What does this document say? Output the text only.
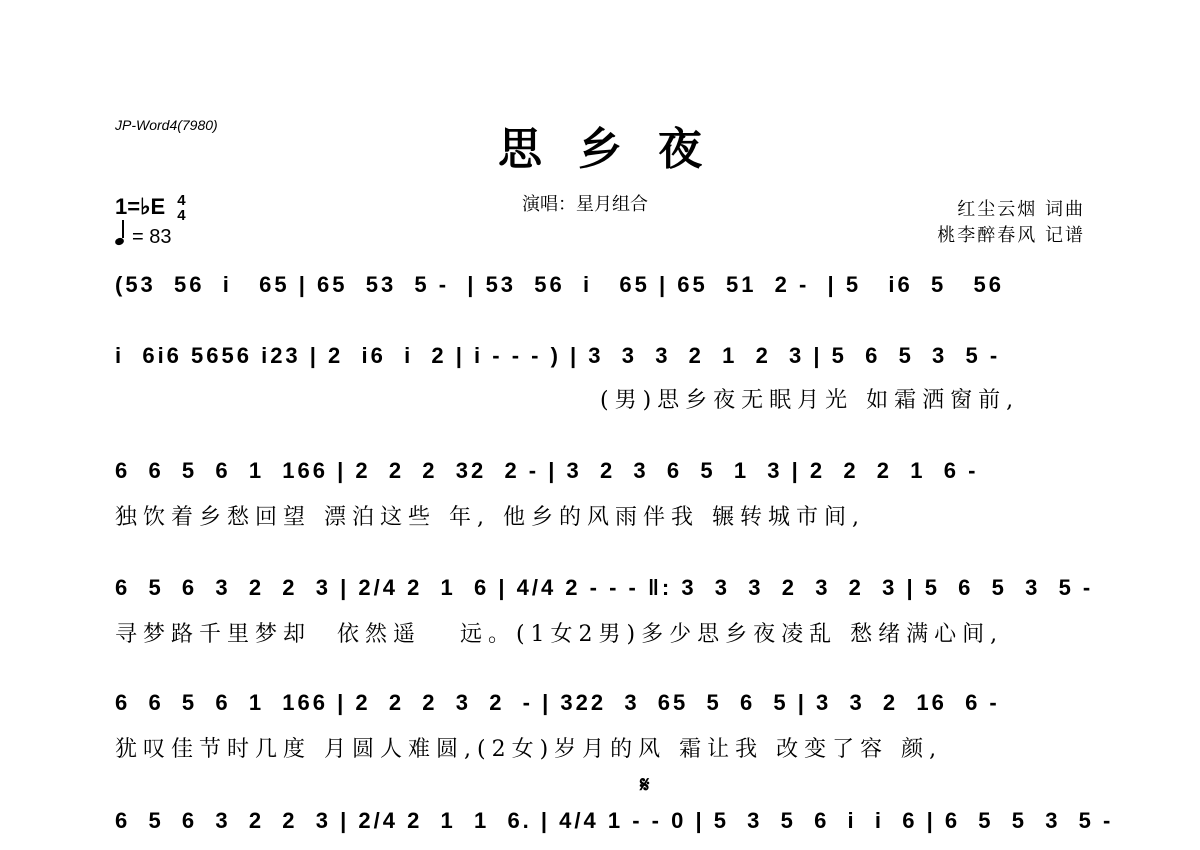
JP-Word4(7980)	思乡夜
演唱：星月组合	红尘云烟 词曲
桃李醉春风 记谱
1=♭E 4
4
= 83
(53  56  i   65 | 65  53  5 -  | 53  56  i   65 | 65  51  2 -  | 5   i6  5   56
i  6i6 5656 i23 | 2  i6  i  2 | i - - - ) | 3  3  3  2  1  2  3 | 5  6  5  3  5 -
(男)思乡夜无眠月光 如霜洒窗前,
6  6  5  6  1  166 | 2  2  2  32  2 - | 3  2  3  6  5  1  3 | 2  2  2  1  6 -
独饮着乡愁回望 漂泊这些 年, 他乡的风雨伴我 辗转城市间,
6  5  6  3  2  2  3 | 2/4 2  1  6 | 4/4 2 - - - ‖: 3  3  3  2  3  2  3 | 5  6  5  3  5 -
寻梦路千里梦却  依然遥   远。(1女2男)多少思乡夜凌乱 愁绪满心间,
6  6  5  6  1  166 | 2  2  2  3  2  - | 322  3  65  5  6  5 | 3  3  2  16  6 -
犹叹佳节时几度 月圆人难圆,(2女)岁月的风 霜让我 改变了容 颜,
𝄋
6  5  6  3  2  2  3 | 2/4 2  1  1  6. | 4/4 1 - - 0 | 5  3  5  6  i  i  6 | 6  5  5  3  5 -
